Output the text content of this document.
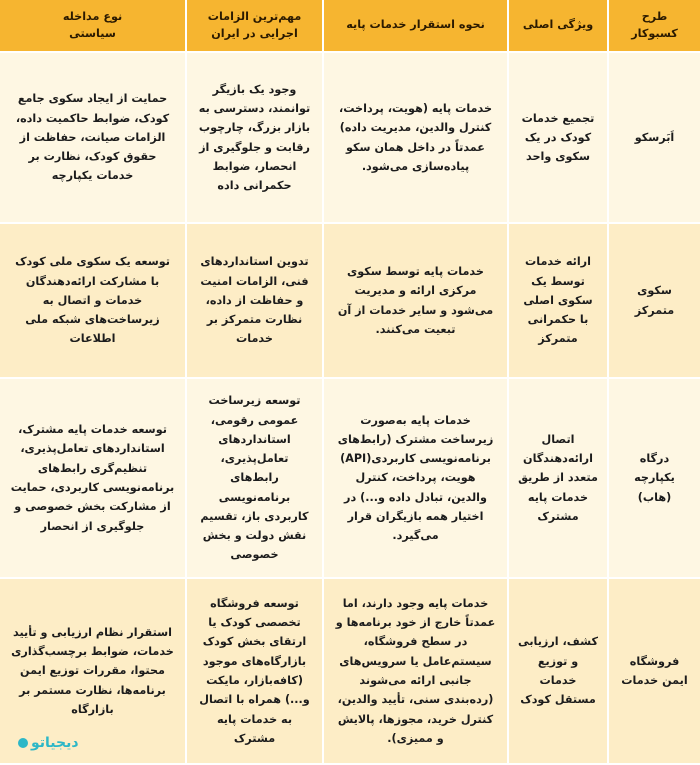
طرح
کسبوکار
ویژگی اصلی
نحوه استقرار خدمات پایه
مهم‌ترین الزامات
اجرایی در ایران
نوع مداخله
سیاستی
اَبَرسکو
تجمیع خدمات کودک در یک سکوی واحد
خدمات پایه (هویت، پرداخت، کنترل والدین، مدیریت داده) عمدتاً در داخل همان سکو پیاده‌سازی می‌شود.
وجود یک بازیگر توانمند، دسترسی به بازار بزرگ، چارچوب رقابت و جلوگیری از انحصار، ضوابط حکمرانی داده
حمایت از ایجاد سکوی جامع کودک، ضوابط حاکمیت داده، الزامات صیانت، حفاظت از حقوق کودک، نظارت بر خدمات یکپارچه
سکوی متمرکز
ارائه خدمات توسط یک سکوی اصلی با حکمرانی متمرکز
خدمات پایه توسط سکوی مرکزی ارائه و مدیریت می‌شود و سایر خدمات از آن تبعیت می‌کنند.
تدوین استانداردهای فنی، الزامات امنیت و حفاظت از داده، نظارت متمرکز بر خدمات
توسعه یک سکوی ملی کودک با مشارکت ارائه‌دهندگان خدمات و اتصال به زیرساخت‌های شبکه ملی اطلاعات
درگاه یکپارچه (هاب)
اتصال ارائه‌دهندگان متعدد از طریق خدمات پایه مشترک
خدمات پایه به‌صورت زیرساخت مشترک (رابط‌های برنامه‌نویسی کاربردی(API) هویت، پرداخت، کنترل والدین، تبادل داده و...) در اختیار همه بازیگران قرار می‌گیرد.
توسعه زیرساخت عمومی رقومی، استانداردهای تعامل‌پذیری، رابط‌های برنامه‌نویسی کاربردی باز، تقسیم نقش دولت و بخش خصوصی
توسعه خدمات پایه مشترک، استانداردهای تعامل‌پذیری، تنظیم‌گری رابط‌های برنامه‌نویسی کاربردی، حمایت از مشارکت بخش خصوصی و جلوگیری از انحصار
فروشگاه ایمن خدمات
کشف، ارزیابی و توزیع خدمات مستقل کودک
خدمات پایه وجود دارند، اما عمدتاً خارج از خود برنامه‌ها و در سطح فروشگاه، سیستم‌عامل یا سرویس‌های جانبی ارائه می‌شوند (رده‌بندی سنی، تأیید والدین، کنترل خرید، مجوزها، پالایش و ممیزی).
توسعه فروشگاه تخصصی کودک یا ارتقای بخش کودک بازارگاه‌های موجود (کافه‌بازار، مایکت و...) همراه با اتصال به خدمات پایه مشترک
استقرار نظام ارزیابی و تأیید خدمات، ضوابط برچسب‌گذاری محتوا، مقررات توزیع ایمن برنامه‌ها، نظارت مستمر بر بازارگاه
دیجیاتو
